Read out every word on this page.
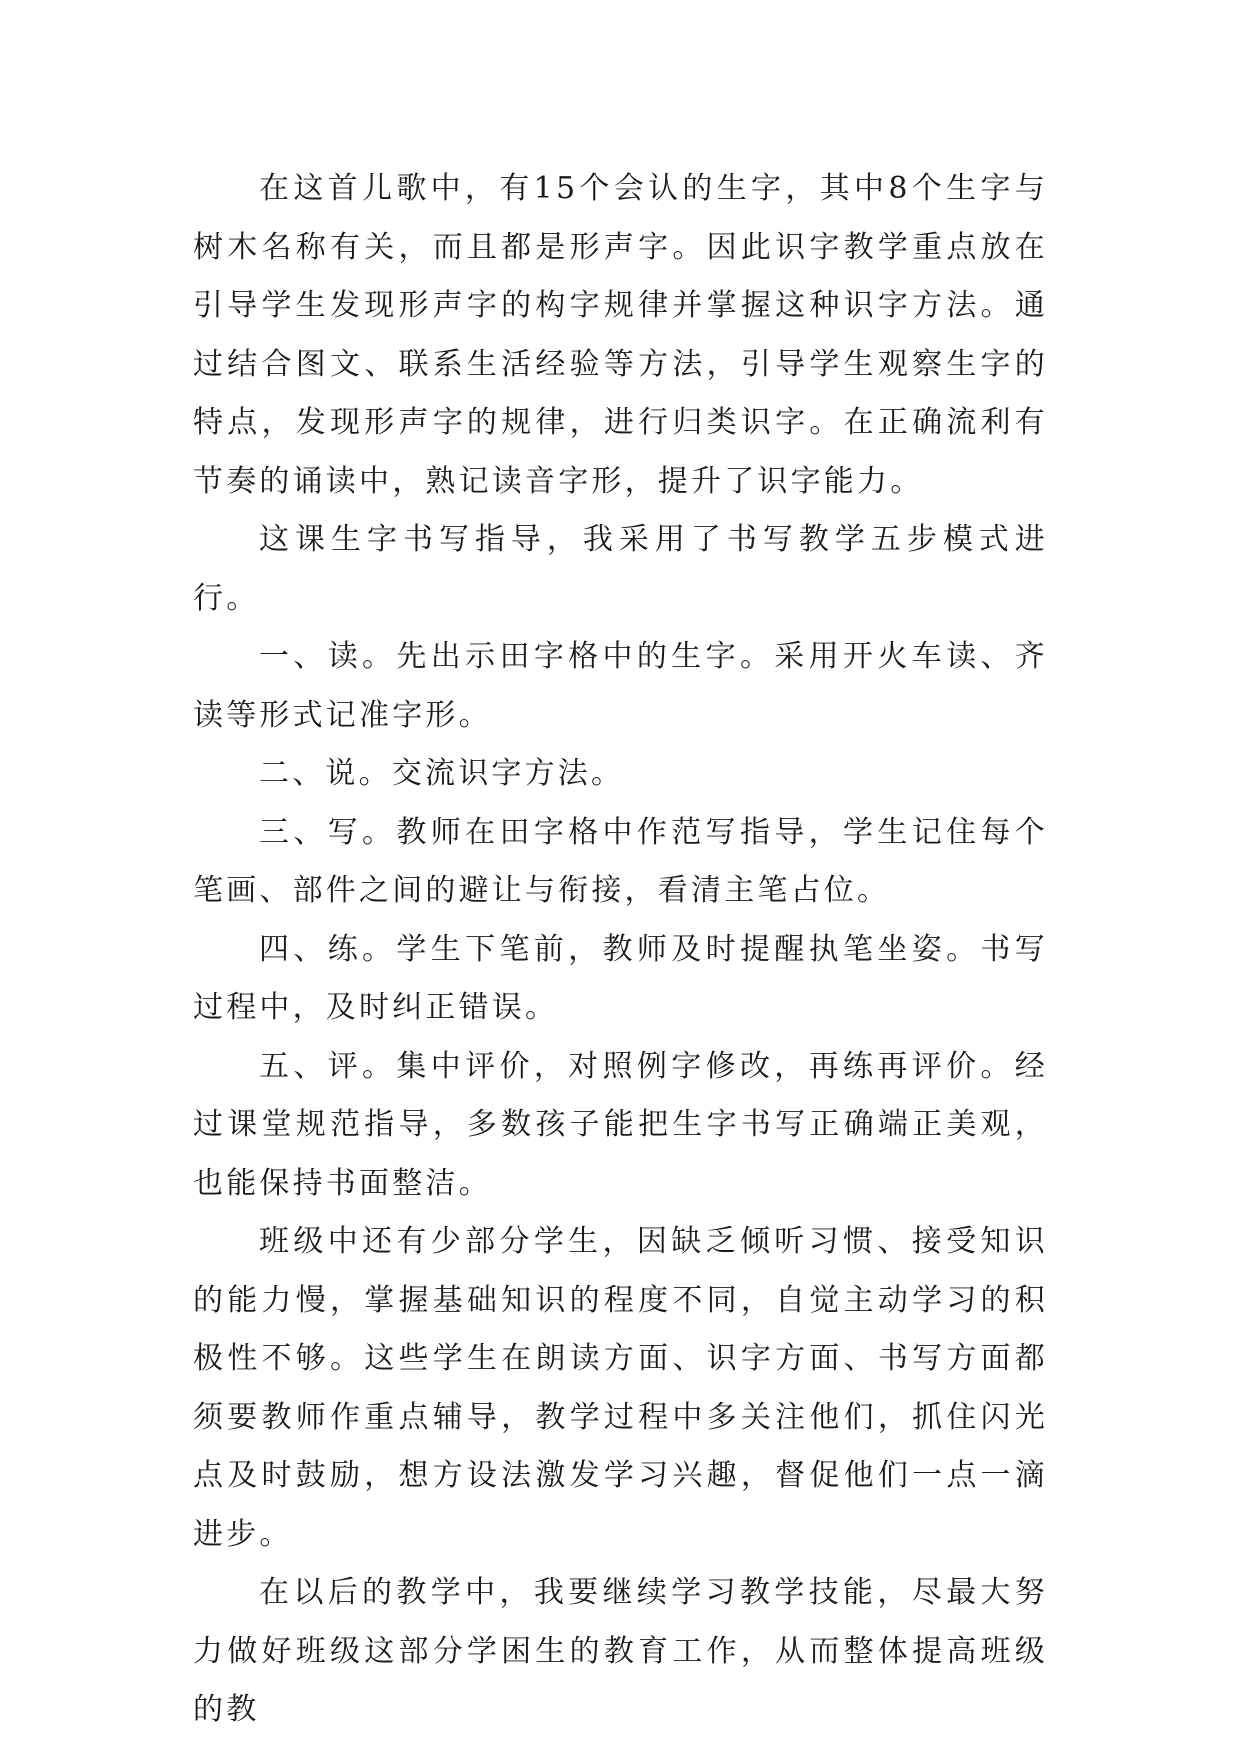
在这首儿歌中，有15个会认的生字，其中8个生字与树木名称有关，而且都是形声字。因此识字教学重点放在引导学生发现形声字的构字规律并掌握这种识字方法。通过结合图文、联系生活经验等方法，引导学生观察生字的特点，发现形声字的规律，进行归类识字。在正确流利有节奏的诵读中，熟记读音字形，提升了识字能力。

这课生字书写指导，我采用了书写教学五步模式进行。

一、读。先出示田字格中的生字。采用开火车读、齐读等形式记准字形。

二、说。交流识字方法。

三、写。教师在田字格中作范写指导，学生记住每个笔画、部件之间的避让与衔接，看清主笔占位。

四、练。学生下笔前，教师及时提醒执笔坐姿。书写过程中，及时纠正错误。

五、评。集中评价，对照例字修改，再练再评价。经过课堂规范指导，多数孩子能把生字书写正确端正美观，也能保持书面整洁。

班级中还有少部分学生，因缺乏倾听习惯、接受知识的能力慢，掌握基础知识的程度不同，自觉主动学习的积极性不够。这些学生在朗读方面、识字方面、书写方面都须要教师作重点辅导，教学过程中多关注他们，抓住闪光点及时鼓励，想方设法激发学习兴趣，督促他们一点一滴进步。

在以后的教学中，我要继续学习教学技能，尽最大努力做好班级这部分学困生的教育工作，从而整体提高班级的教
